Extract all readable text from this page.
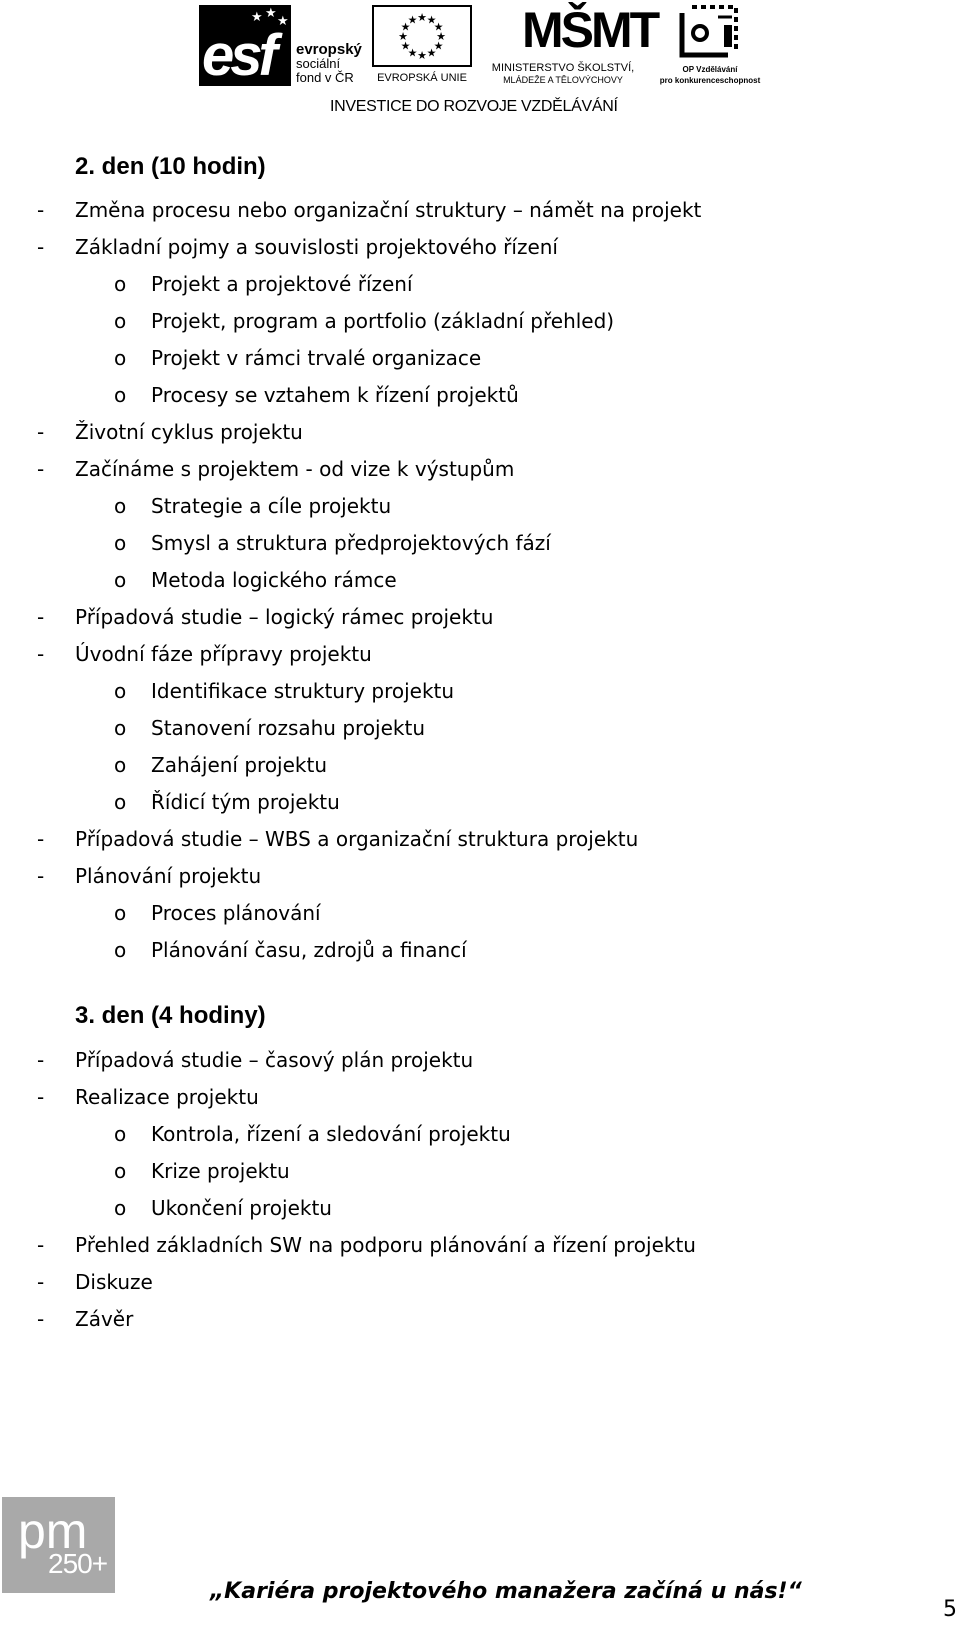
★ ★
★
esf evropský
sociální
fond v ČR
★ ★
★
★
★
★
★
★
★
★
★
★
EVROPSKÁ UNIE
MŠMT
MINISTERSTVO ŠKOLSTVÍ,
MLÁDEŽE A TĚLOVÝCHOVY
OP Vzdělávání
pro konkurenceschopnost
INVESTICE DO ROZVOJE VZDĚLÁVÁNÍ
2. den (10 hodin)
- Změna procesu nebo organizační struktury – námět na projekt
- Základní pojmy a souvislosti projektového řízení
o Projekt a projektové řízení
o Projekt, program a portfolio (základní přehled)
o Projekt v rámci trvalé organizace
o Procesy se vztahem k řízení projektů
- Životní cyklus projektu
- Začínáme s projektem - od vize k výstupům
o Strategie a cíle projektu
o Smysl a struktura předprojektových fází
o Metoda logického rámce
- Případová studie – logický rámec projektu
- Úvodní fáze přípravy projektu
o Identifikace struktury projektu
o Stanovení rozsahu projektu
o Zahájení projektu
o Řídicí tým projektu
- Případová studie – WBS a organizační struktura projektu
- Plánování projektu
o Proces plánování
o Plánování času, zdrojů a financí
3. den (4 hodiny)
- Případová studie – časový plán projektu
- Realizace projektu
o Kontrola, řízení a sledování projektu
o Krize projektu
o Ukončení projektu
- Přehled základních SW na podporu plánování a řízení projektu
- Diskuze
- Závěr
pm
250+
„Kariéra projektového manažera začíná u nás!“
5
